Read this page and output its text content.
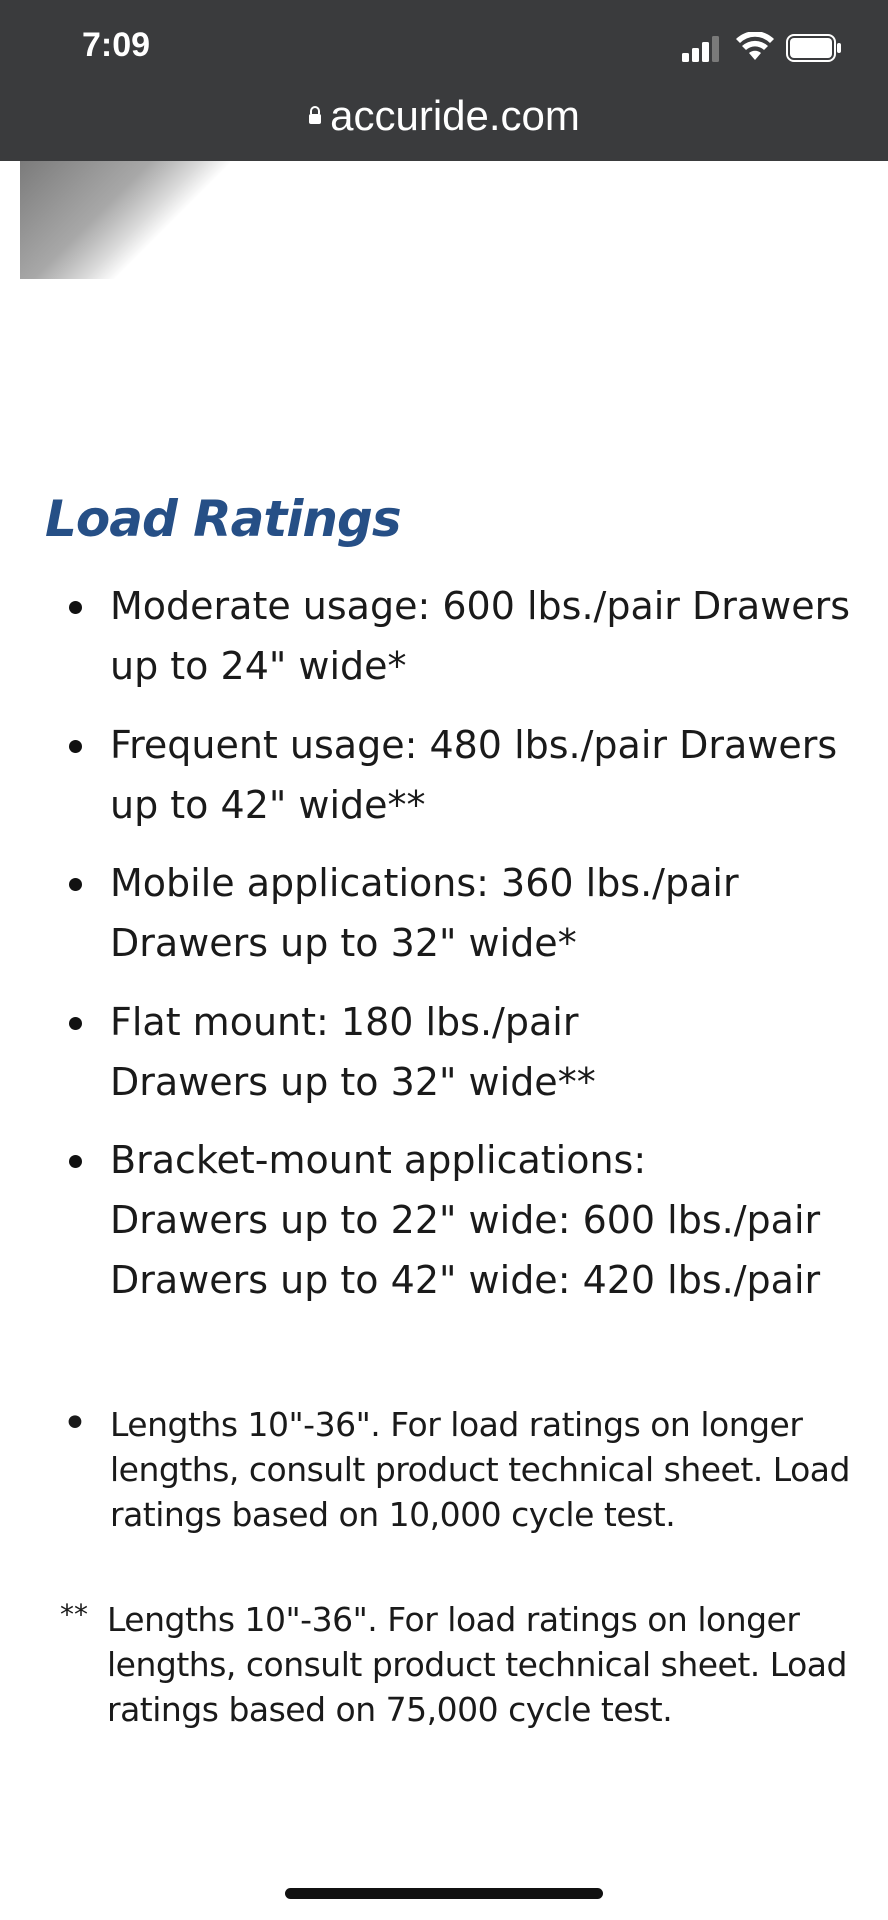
7:09
accuride.com
Load Ratings
Moderate usage: 600 lbs./pair Drawers
up to 24" wide*
Frequent usage: 480 lbs./pair Drawers
up to 42" wide**
Mobile applications: 360 lbs./pair
Drawers up to 32" wide*
Flat mount: 180 lbs./pair
Drawers up to 32" wide**
Bracket-mount applications:
Drawers up to 22" wide: 600 lbs./pair
Drawers up to 42" wide: 420 lbs./pair
• Lengths 10"-36". For load ratings on longer lengths, consult product technical sheet. Load ratings based on 10,000 cycle test.
** Lengths 10"-36". For load ratings on longer lengths, consult product technical sheet. Load ratings based on 75,000 cycle test.
